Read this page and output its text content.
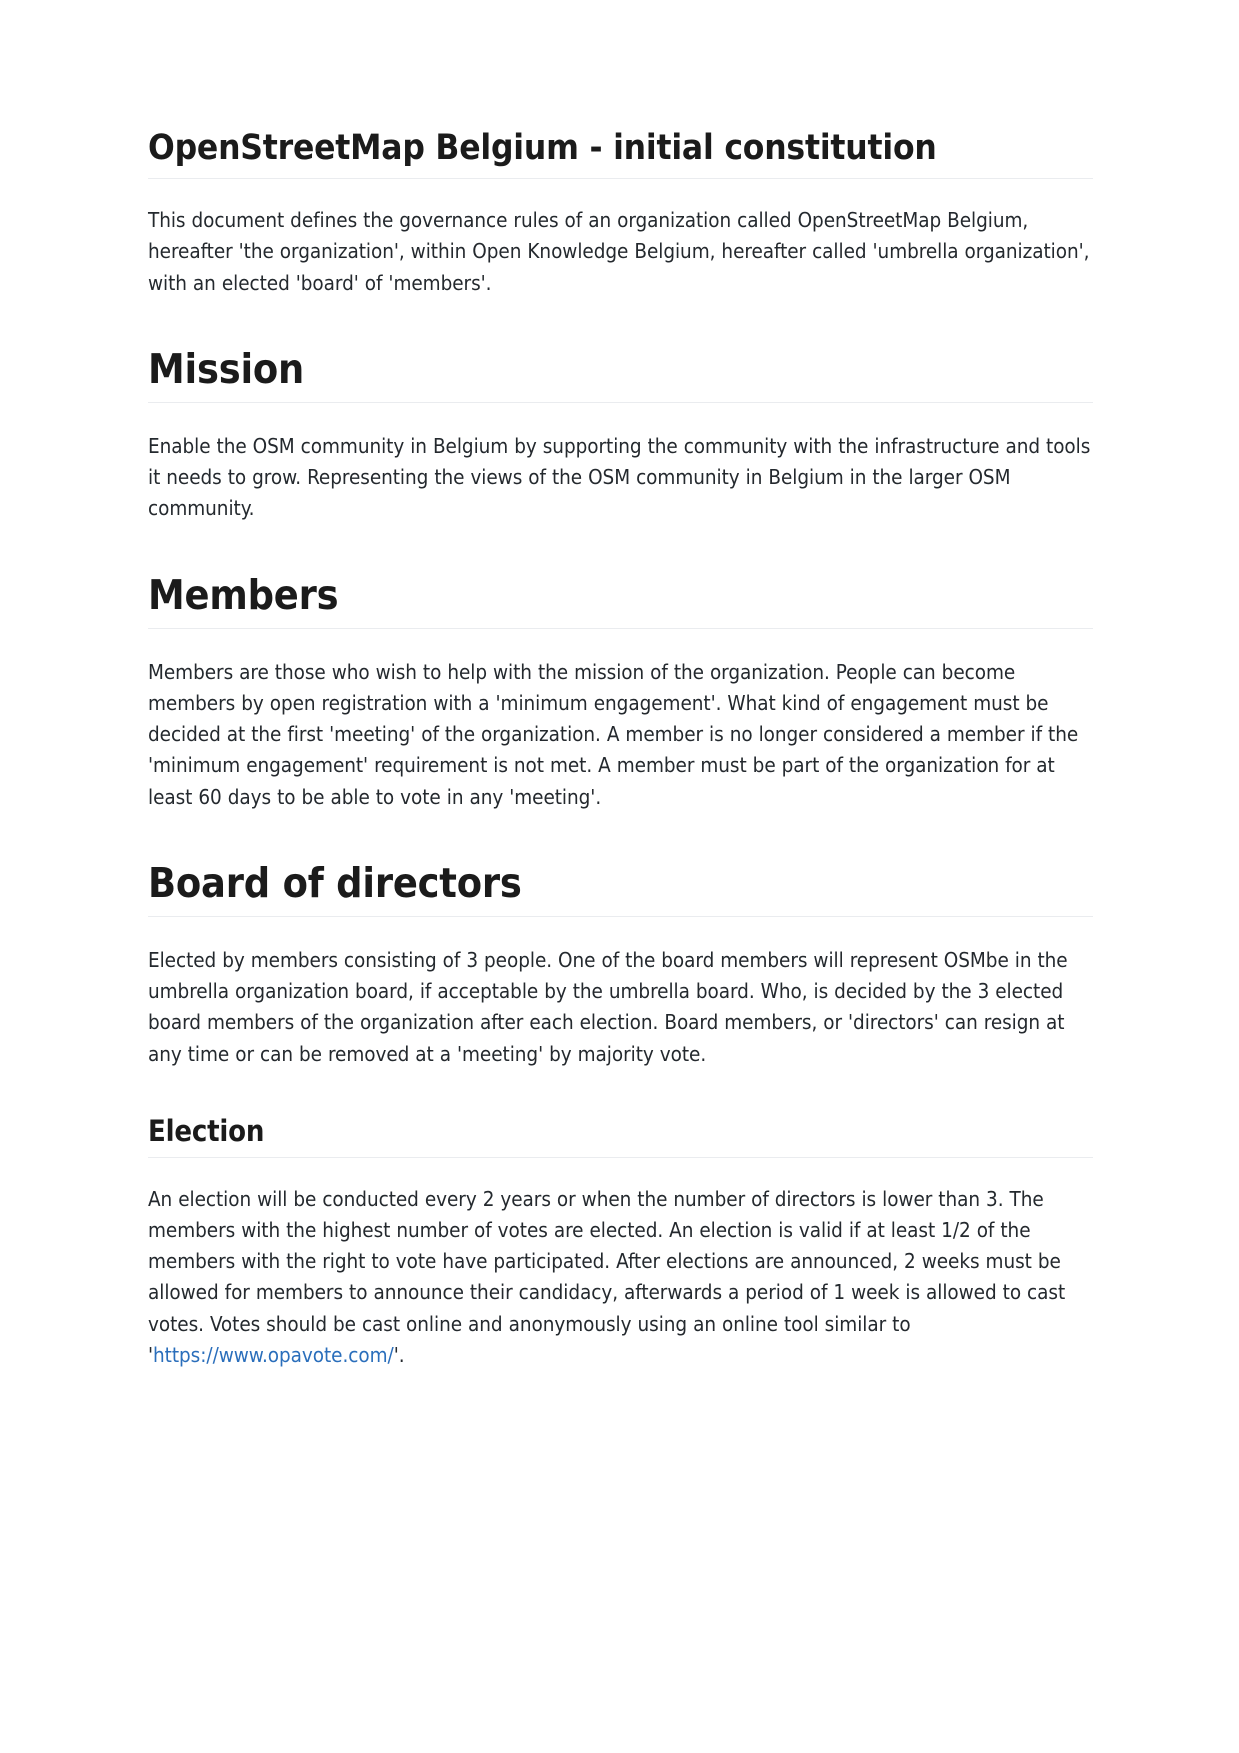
OpenStreetMap Belgium - initial constitution

This document defines the governance rules of an organization called OpenStreetMap Belgium, hereafter 'the organization', within Open Knowledge Belgium, hereafter called 'umbrella organization', with an elected 'board' of 'members'.

Mission

Enable the OSM community in Belgium by supporting the community with the infrastructure and tools it needs to grow. Representing the views of the OSM community in Belgium in the larger OSM community.

Members

Members are those who wish to help with the mission of the organization. People can become members by open registration with a 'minimum engagement'. What kind of engagement must be decided at the first 'meeting' of the organization. A member is no longer considered a member if the 'minimum engagement' requirement is not met. A member must be part of the organization for at least 60 days to be able to vote in any 'meeting'.

Board of directors

Elected by members consisting of 3 people. One of the board members will represent OSMbe in the umbrella organization board, if acceptable by the umbrella board. Who, is decided by the 3 elected board members of the organization after each election. Board members, or 'directors' can resign at any time or can be removed at a 'meeting' by majority vote.

Election

An election will be conducted every 2 years or when the number of directors is lower than 3. The members with the highest number of votes are elected. An election is valid if at least 1/2 of the members with the right to vote have participated. After elections are announced, 2 weeks must be allowed for members to announce their candidacy, afterwards a period of 1 week is allowed to cast votes. Votes should be cast online and anonymously using an online tool similar to 'https://www.opavote.com/'.
